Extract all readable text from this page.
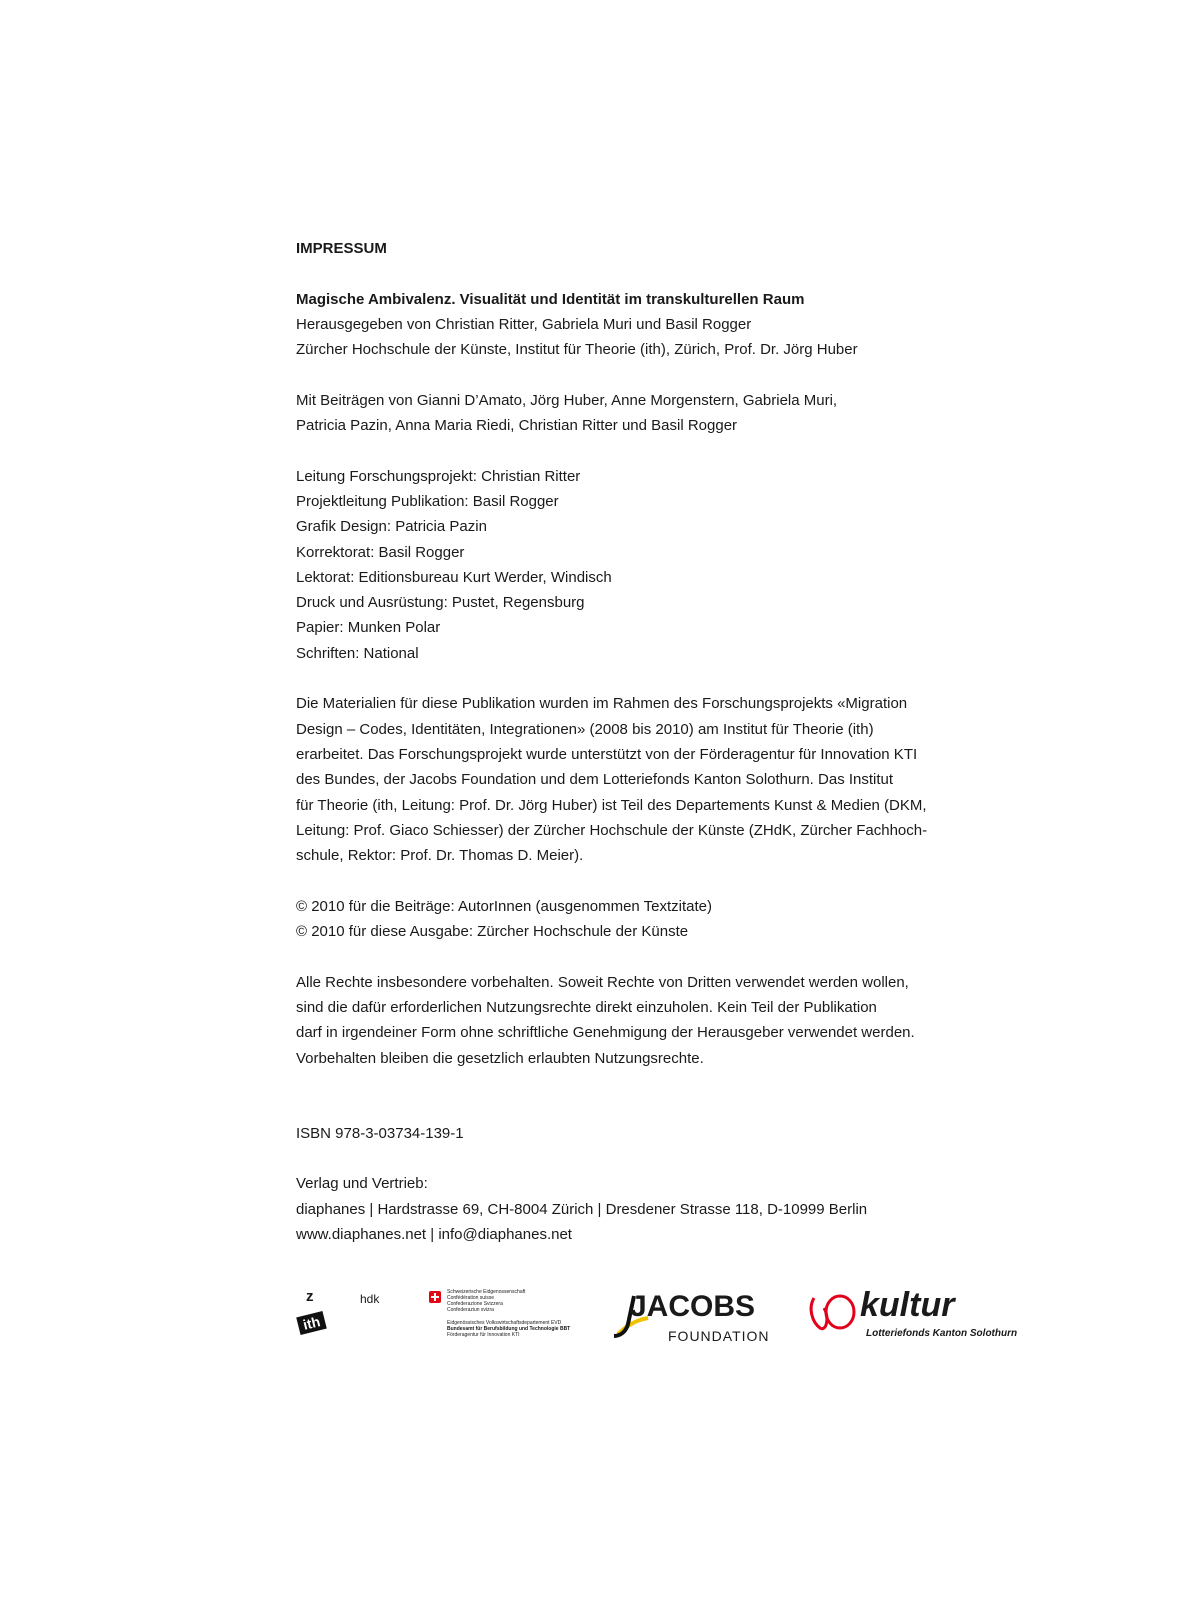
IMPRESSUM
Magische Ambivalenz. Visualität und Identität im transkulturellen Raum
Herausgegeben von Christian Ritter, Gabriela Muri und Basil Rogger
Zürcher Hochschule der Künste, Institut für Theorie (ith), Zürich, Prof. Dr. Jörg Huber
Mit Beiträgen von Gianni D’Amato, Jörg Huber, Anne Morgenstern, Gabriela Muri,
Patricia Pazin, Anna Maria Riedi, Christian Ritter und Basil Rogger
Leitung Forschungsprojekt: Christian Ritter
Projektleitung Publikation: Basil Rogger
Grafik Design: Patricia Pazin
Korrektorat: Basil Rogger
Lektorat: Editionsbureau Kurt Werder, Windisch
Druck und Ausrüstung: Pustet, Regensburg
Papier: Munken Polar
Schriften: National
Die Materialien für diese Publikation wurden im Rahmen des Forschungsprojekts «Migration
Design – Codes, Identitäten, Integrationen» (2008 bis 2010) am Institut für Theorie (ith)
erarbeitet. Das Forschungsprojekt wurde unterstützt von der Förderagentur für Innovation KTI
des Bundes, der Jacobs Foundation und dem Lotteriefonds Kanton Solothurn. Das Institut
für Theorie (ith, Leitung: Prof. Dr. Jörg Huber) ist Teil des Departements Kunst & Medien (DKM,
Leitung: Prof. Giaco Schiesser) der Zürcher Hochschule der Künste (ZHdK, Zürcher Fachhoch-
schule, Rektor: Prof. Dr. Thomas D. Meier).
© 2010 für die Beiträge: AutorInnen (ausgenommen Textzitate)
© 2010 für diese Ausgabe: Zürcher Hochschule der Künste
Alle Rechte insbesondere vorbehalten. Soweit Rechte von Dritten verwendet werden wollen,
sind die dafür erforderlichen Nutzungsrechte direkt einzuholen. Kein Teil der Publikation
darf in irgendeiner Form ohne schriftliche Genehmigung der Herausgeber verwendet werden.
Vorbehalten bleiben die gesetzlich erlaubten Nutzungsrechte.
ISBN 978-3-03734-139-1
Verlag und Vertrieb:
diaphanes | Hardstrasse 69, CH-8004 Zürich | Dresdener Strasse 118, D-10999 Berlin
www.diaphanes.net | info@diaphanes.net
z
ith
hdk	Schweizerische Eidgenossenschaft
Confédération suisse
Confederazione Svizzera
Confederaziun svizra
Eidgenössisches Volkswirtschaftsdepartement EVD
Bundesamt für Berufsbildung und Technologie BBT
Förderagentur für Innovation KTI
JACOBS
FOUNDATION
kultur
Lotteriefonds Kanton Solothurn
